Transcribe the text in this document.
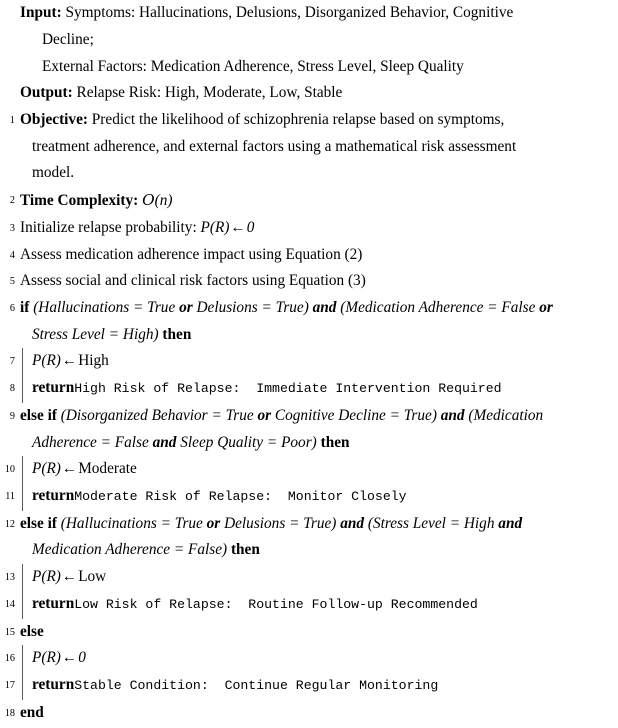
Input: Symptoms: Hallucinations, Delusions, Disorganized Behavior, Cognitive
Decline;
External Factors: Medication Adherence, Stress Level, Sleep Quality
Output: Relapse Risk: High, Moderate, Low, Stable
1 Objective: Predict the likelihood of schizophrenia relapse based on symptoms,
treatment adherence, and external factors using a mathematical risk assessment
model.
2 Time Complexity: O(n)
3 Initialize relapse probability: P(R)←0
4 Assess medication adherence impact using Equation (2)
5 Assess social and clinical risk factors using Equation (3)
6 if (Hallucinations = True or Delusions = True) and (Medication Adherence = False or
Stress Level = High) then
7 P(R)←High
8 returnHigh Risk of Relapse:  Immediate Intervention Required
9 else if (Disorganized Behavior = True or Cognitive Decline = True) and (Medication
Adherence = False and Sleep Quality = Poor) then
10 P(R)←Moderate
11 returnModerate Risk of Relapse:  Monitor Closely
12 else if (Hallucinations = True or Delusions = True) and (Stress Level = High and
Medication Adherence = False) then
13 P(R)←Low
14 returnLow Risk of Relapse:  Routine Follow-up Recommended
15 else
16 P(R)←0
17 returnStable Condition:  Continue Regular Monitoring
18 end
